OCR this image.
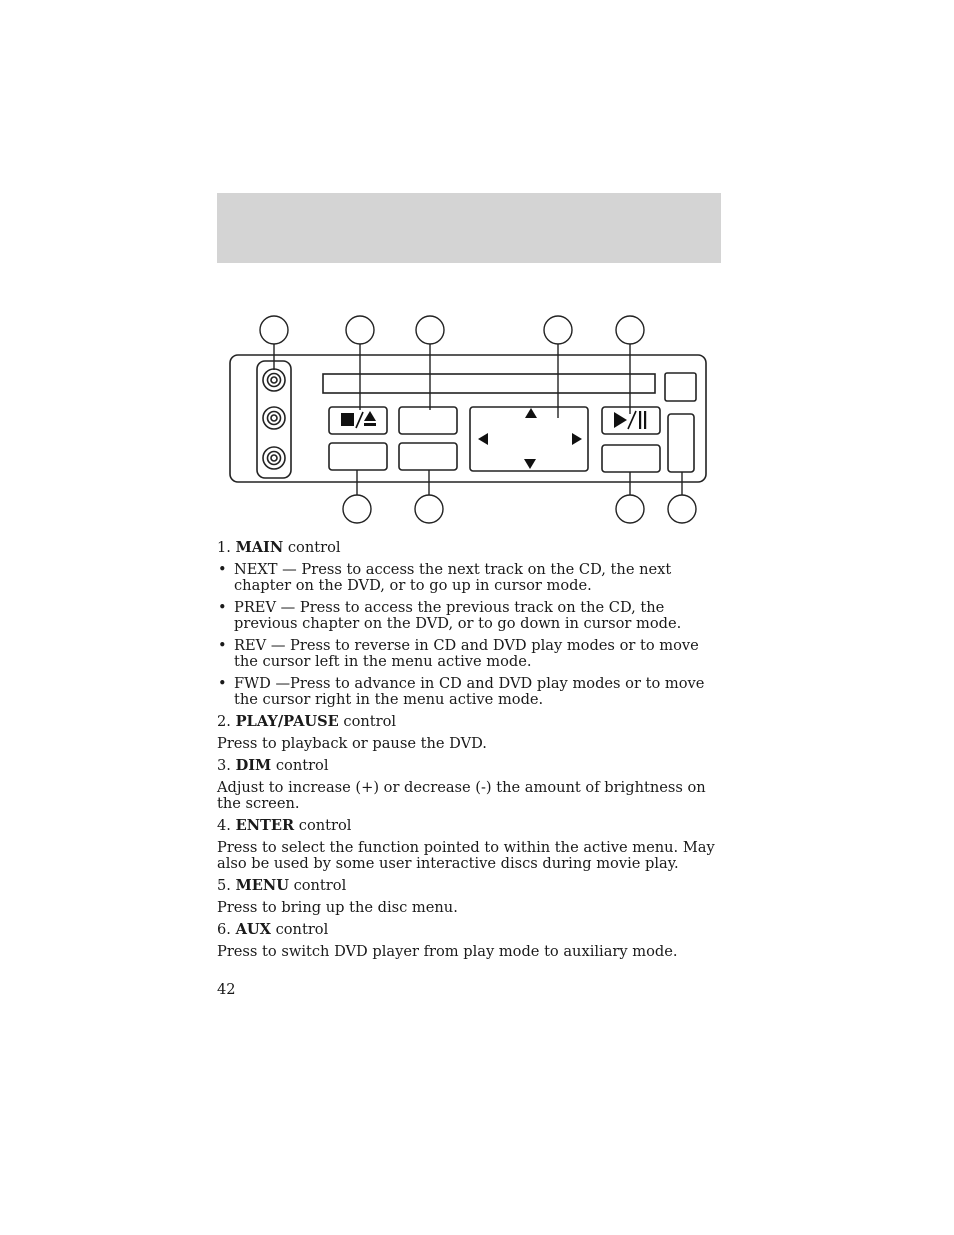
1. MAIN control
• NEXT — Press to access the next track on the CD, the next chapter on the DVD, or to go up in cursor mode.
• PREV — Press to access the previous track on the CD, the previous chapter on the DVD, or to go down in cursor mode.
• REV — Press to reverse in CD and DVD play modes or to move the cursor left in the menu active mode.
• FWD —Press to advance in CD and DVD play modes or to move the cursor right in the menu active mode.
2. PLAY/PAUSE control
Press to playback or pause the DVD.
3. DIM control
Adjust to increase (+) or decrease (-) the amount of brightness on the screen.
4. ENTER control
Press to select the function pointed to within the active menu. May also be used by some user interactive discs during movie play.
5. MENU control
Press to bring up the disc menu.
6. AUX control
Press to switch DVD player from play mode to auxiliary mode.
42
